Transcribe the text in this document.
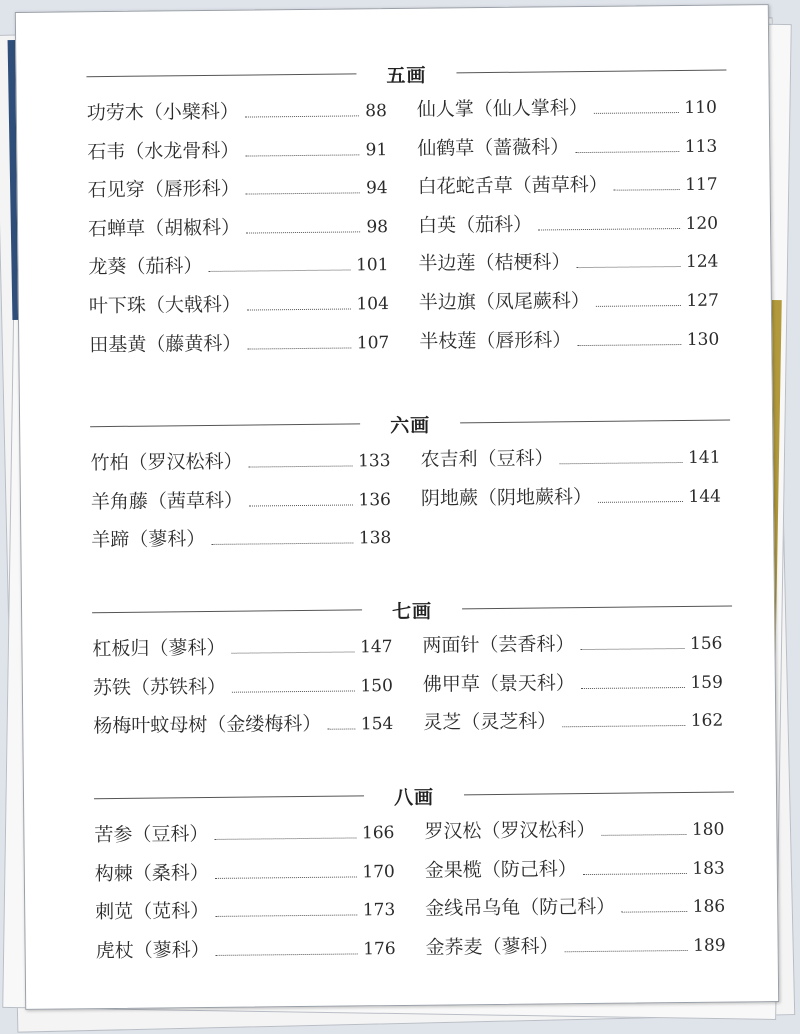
五画
功劳木（小檗科）	88
石韦（水龙骨科）	91
石见穿（唇形科）	94
石蝉草（胡椒科）	98
龙葵（茄科）	101
叶下珠（大戟科）	104
田基黄（藤黄科）	107
仙人掌（仙人掌科）	110
仙鹤草（蔷薇科）	113
白花蛇舌草（茜草科）	117
白英（茄科）	120
半边莲（桔梗科）	124
半边旗（凤尾蕨科）	127
半枝莲（唇形科）	130
六画
竹柏（罗汉松科）	133
羊角藤（茜草科）	136
羊蹄（蓼科）	138
农吉利（豆科）	141
阴地蕨（阴地蕨科）	144
七画
杠板归（蓼科）	147
苏铁（苏铁科）	150
杨梅叶蚊母树（金缕梅科） 154
两面针（芸香科）	156
佛甲草（景天科）	159
灵芝（灵芝科）	162
八画
苦参（豆科）	166
构棘（桑科）	170
刺苋（苋科）	173
虎杖（蓼科）	176
罗汉松（罗汉松科）	180
金果榄（防己科）	183
金线吊乌龟（防己科）	186
金荞麦（蓼科）	189
